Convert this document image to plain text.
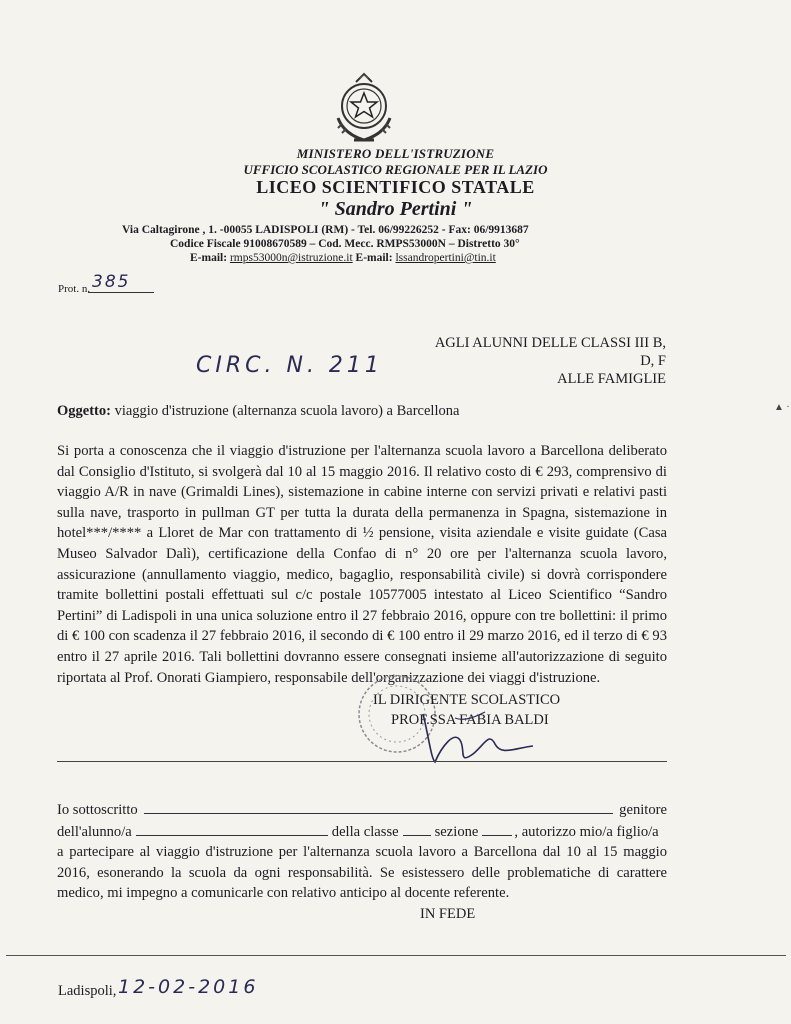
MINISTERO DELL'ISTRUZIONE
UFFICIO SCOLASTICO REGIONALE PER IL LAZIO
LICEO SCIENTIFICO STATALE
" Sandro Pertini "
Via Caltagirone , 1. -00055 LADISPOLI (RM) - Tel. 06/99226252 - Fax: 06/9913687
Codice Fiscale 91008670589 – Cod. Mecc. RMPS53000N – Distretto 30°
E-mail: rmps53000n@istruzione.it E-mail: lssandropertini@tin.it
Prot. n. 385
AGLI ALUNNI DELLE CLASSI III B, D, F
ALLE FAMIGLIE
CIRC. N. 211
Oggetto: viaggio d'istruzione (alternanza scuola lavoro) a Barcellona
Si porta a conoscenza che il viaggio d'istruzione per l'alternanza scuola lavoro a Barcellona deliberato dal Consiglio d'Istituto, si svolgerà dal 10 al 15 maggio 2016. Il relativo costo di € 293, comprensivo di viaggio A/R in nave (Grimaldi Lines), sistemazione in cabine interne con servizi privati e relativi pasti sulla nave, trasporto in pullman GT per tutta la durata della permanenza in Spagna, sistemazione in hotel***/**** a Lloret de Mar con trattamento di ½ pensione, visita aziendale e visite guidate (Casa Museo Salvador Dalì), certificazione della Confao di n° 20 ore per l'alternanza scuola lavoro, assicurazione (annullamento viaggio, medico, bagaglio, responsabilità civile) si dovrà corrispondere tramite bollettini postali effettuati sul c/c postale 10577005 intestato al Liceo Scientifico “Sandro Pertini” di Ladispoli in una unica soluzione entro il 27 febbraio 2016, oppure con tre bollettini: il primo di € 100 con scadenza il 27 febbraio 2016, il secondo di € 100 entro il 29 marzo 2016, ed il terzo di € 93 entro il 27 aprile 2016. Tali bollettini dovranno essere consegnati insieme all'autorizzazione di seguito riportata al Prof. Onorati Giampiero, responsabile dell'organizzazione dei viaggi d'istruzione.
IL DIRIGENTE SCOLASTICO
PROF.SSA FABIA BALDI
Io sottoscritto	genitore
dell'alunno/a	della classe sezione , autorizzo mio/a figlio/a
a partecipare al viaggio d'istruzione per l'alternanza scuola lavoro a Barcellona dal 10 al 15 maggio 2016, esonerando la scuola da ogni responsabilità. Se esistessero delle problematiche di carattere medico, mi impegno a comunicarle con relativo anticipo al docente referente.
IN FEDE
Ladispoli, 12-02-2016
▲ ·
